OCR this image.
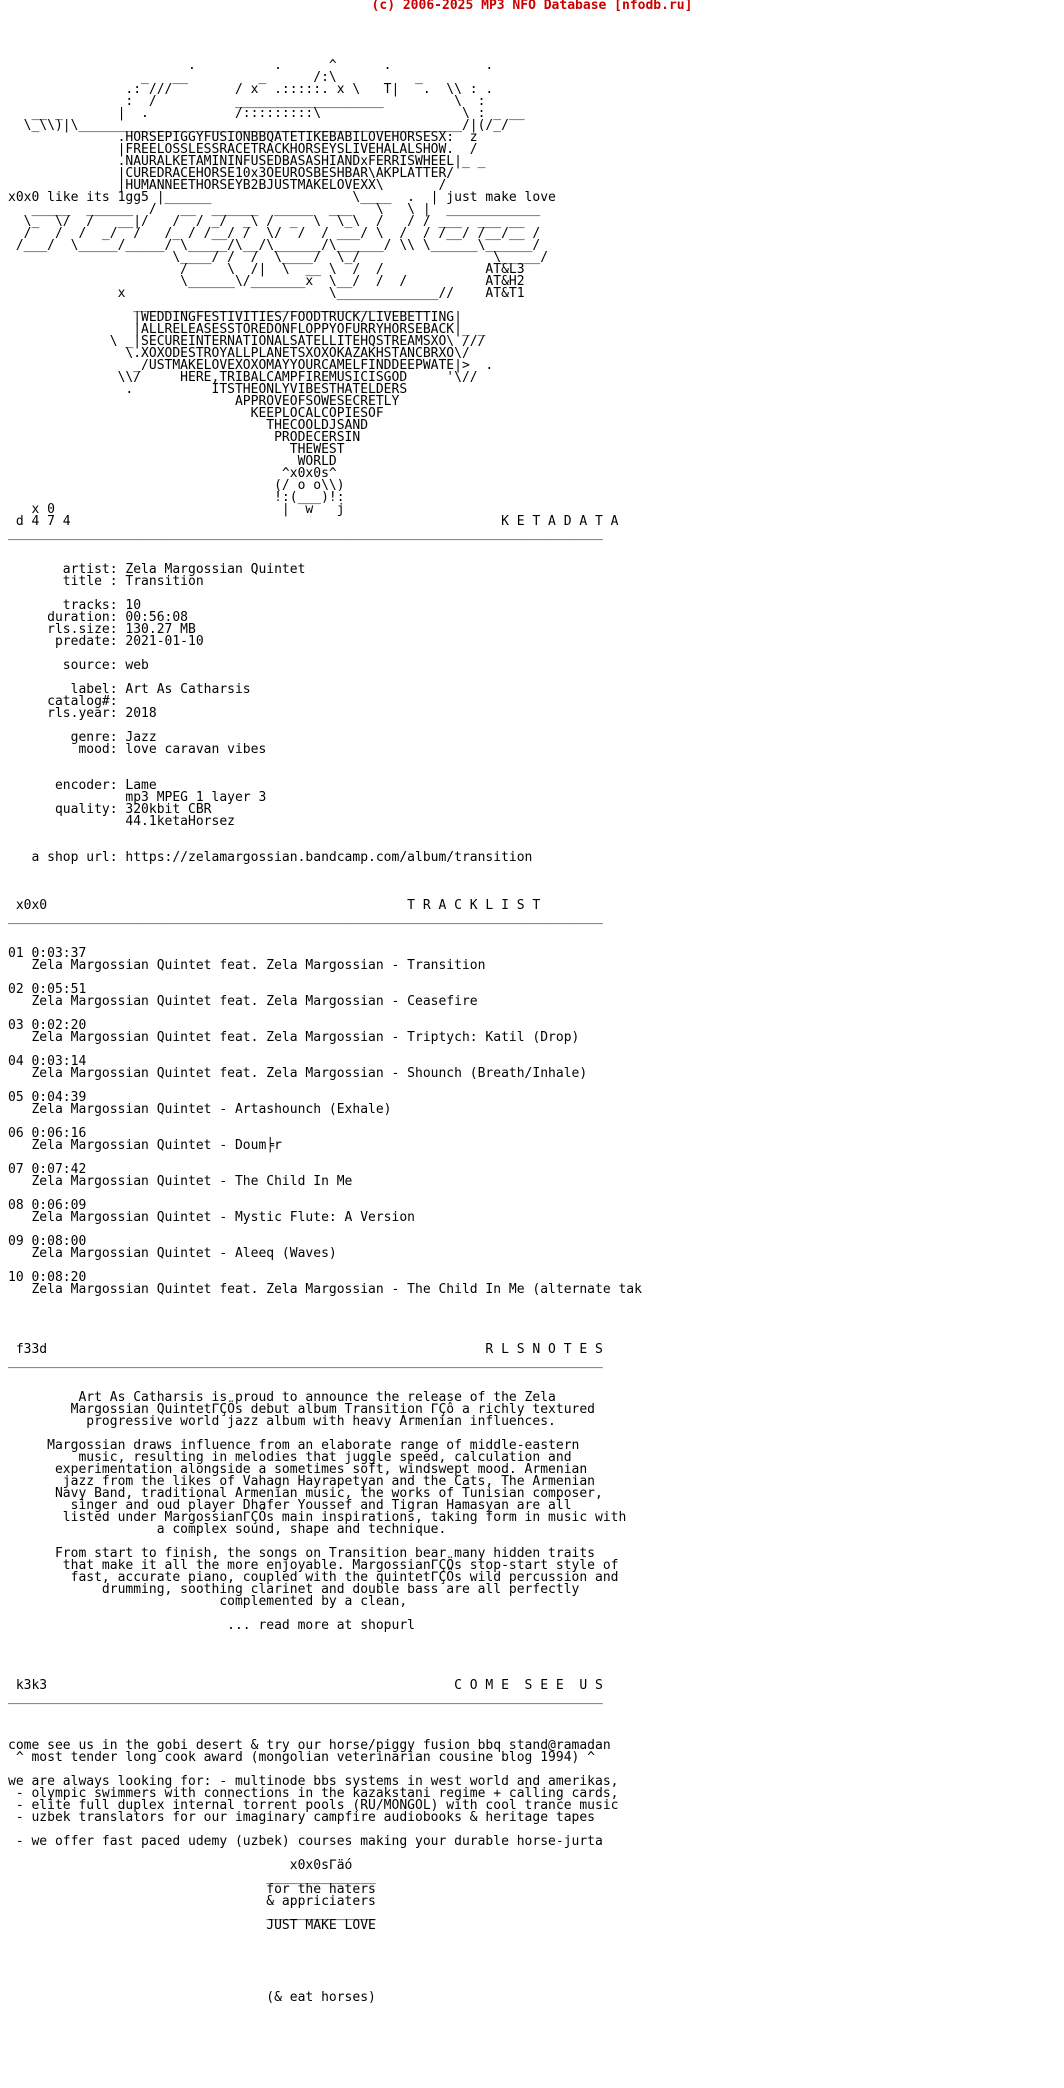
(c) 2006-2025 MP3 NFO Database [nfodb.ru]
.          .      ^      .            .
_   __         _      /:\          _
.: ///        / x  .:::::. x \   T|   .  \\ : .
:  /          ___________________         \  :
__ _       |  .           /:::::::::\                  \ : _ __
\_\\)|\_________________________________________________/|(/_/
.HORSEPIGGYFUSIONBBQATETIKEBABILOVEHORSESX:  z
|FREELOSSLESSRACETRACKHORSEYSLIVEHALALSHOW.  /
.NAURALKETAMININFUSEDBASASHIANDxFERRISWHEEL|_ _
|CUREDRACEHORSE10x3OEUROSBESHBAR\AKPLATTER/
|HUMANNEETHORSEYB2BJUSTMAKELOVEXX\       /
x0x0 like its 1gg5 |______                  \____  .  | just make love
_____  ______  /   __  ______  _____  ___   \   \ |  ____________
\_  \/  /   __|/   /  / _/  _\ /  _  \  \_\  /   / / ___  ___ __
/   /  /  _/  /   /_ / /__/ /  \/  /  / ___/ \  /  / /__/ /__/__ /
/___/  \_____/_____/ \_____/\__/\______/\______/ \\ \______\______/
\____/ /  /  \____/  \_/                 \_____/
/     \  /|  \  __ \  /  /             AT&L3
\______\/_______x  \__/  /  /          AT&H2
x                          \_____________//    AT&T1
______________________________________
|WEDDINGFESTIVITIES/FOODTRUCK/LIVEBETTING|
|ALLRELEASESSTOREDONFLOPPYOFURRYHORSEBACK|_ _
\ _|SECUREINTERNATIONALSATELLITEHQSTREAMSXO\ ///
\.XOXODESTROYALLPLANETSXOXOKAZAKHSTANCBRXO\/
_/USTMAKELOVEXOXOMAYYOURCAMELFINDDEEPWATE|>  .
\\/     HERE,TRIBALCAMPFIREMUSICISGOD     '\//
.          ITSTHEONLYVIBESTHATELDERS
APPROVEOFSOWESECRETLY
KEEPLOCALCOPIESOF
THECOOLDJSAND
PRODECERSIN
THEWEST
WORLD
^x0x0s^
(/ o o\\)
!:(___)!:
x 0                             |  w   j
d 4 7 4                                                       K E T A D A T A
____________________________________________________________________________
artist: Zela Margossian Quintet
title : Transition

tracks: 10
duration: 00:56:08
rls.size: 130.27 MB
predate: 2021-01-10

source: web

label: Art As Catharsis
catalog#:
rls.year: 2018

genre: Jazz
mood: love caravan vibes

encoder: Lame
mp3 MPEG 1 layer 3
quality: 320kbit CBR
44.1ketaHorsez

a shop url: https://zelamargossian.bandcamp.com/album/transition
x0x0                                              T R A C K L I S T
____________________________________________________________________________
01 0:03:37
Zela Margossian Quintet feat. Zela Margossian - Transition
02 0:05:51
Zela Margossian Quintet feat. Zela Margossian - Ceasefire
03 0:02:20
Zela Margossian Quintet feat. Zela Margossian - Triptych: Katil (Drop)
04 0:03:14
Zela Margossian Quintet feat. Zela Margossian - Shounch (Breath/Inhale)
05 0:04:39
Zela Margossian Quintet - Artashounch (Exhale)
06 0:06:16
Zela Margossian Quintet - Doum╞r
07 0:07:42
Zela Margossian Quintet - The Child In Me
08 0:06:09
Zela Margossian Quintet - Mystic Flute: A Version
09 0:08:00
Zela Margossian Quintet - Aleeq (Waves)
10 0:08:20
Zela Margossian Quintet feat. Zela Margossian - The Child In Me (alternate tak
f33d                                                        R L S N O T E S
____________________________________________________________________________
Art As Catharsis is proud to announce the release of the Zela
Margossian QuintetΓÇÖs debut album Transition ΓÇô a richly textured
progressive world jazz album with heavy Armenian influences.

Margossian draws influence from an elaborate range of middle-eastern
music, resulting in melodies that juggle speed, calculation and
experimentation alongside a sometimes soft, windswept mood. Armenian
jazz from the likes of Vahagn Hayrapetyan and the Cats, The Armenian
Navy Band, traditional Armenian music, the works of Tunisian composer,
singer and oud player Dhafer Youssef and Tigran Hamasyan are all
listed under MargossianΓÇÖs main inspirations, taking form in music with
a complex sound, shape and technique.

From start to finish, the songs on Transition bear many hidden traits
that make it all the more enjoyable. MargossianΓÇÖs stop-start style of
fast, accurate piano, coupled with the quintetΓÇÖs wild percussion and
drumming, soothing clarinet and double bass are all perfectly
complemented by a clean,

... read more at shopurl
k3k3                                                    C O M E  S E E  U S
____________________________________________________________________________
come see us in the gobi desert & try our horse/piggy fusion bbq stand@ramadan
^ most tender long cook award (mongolian veterinarian cousine blog 1994) ^

we are always looking for: - multinode bbs systems in west world and amerikas,
- olympic swimmers with connections in the kazakstani regime + calling cards,
- elite full duplex internal torrent pools (RU/MONGOL) with cool trance music
- uzbek translators for our imaginary campfire audiobooks & heritage tapes

- we offer fast paced udemy (uzbek) courses making your durable horse-jurta

x0x0sΓäó
______________
for the haters
& appriciaters
______________
JUST MAKE LOVE

(& eat horses)
